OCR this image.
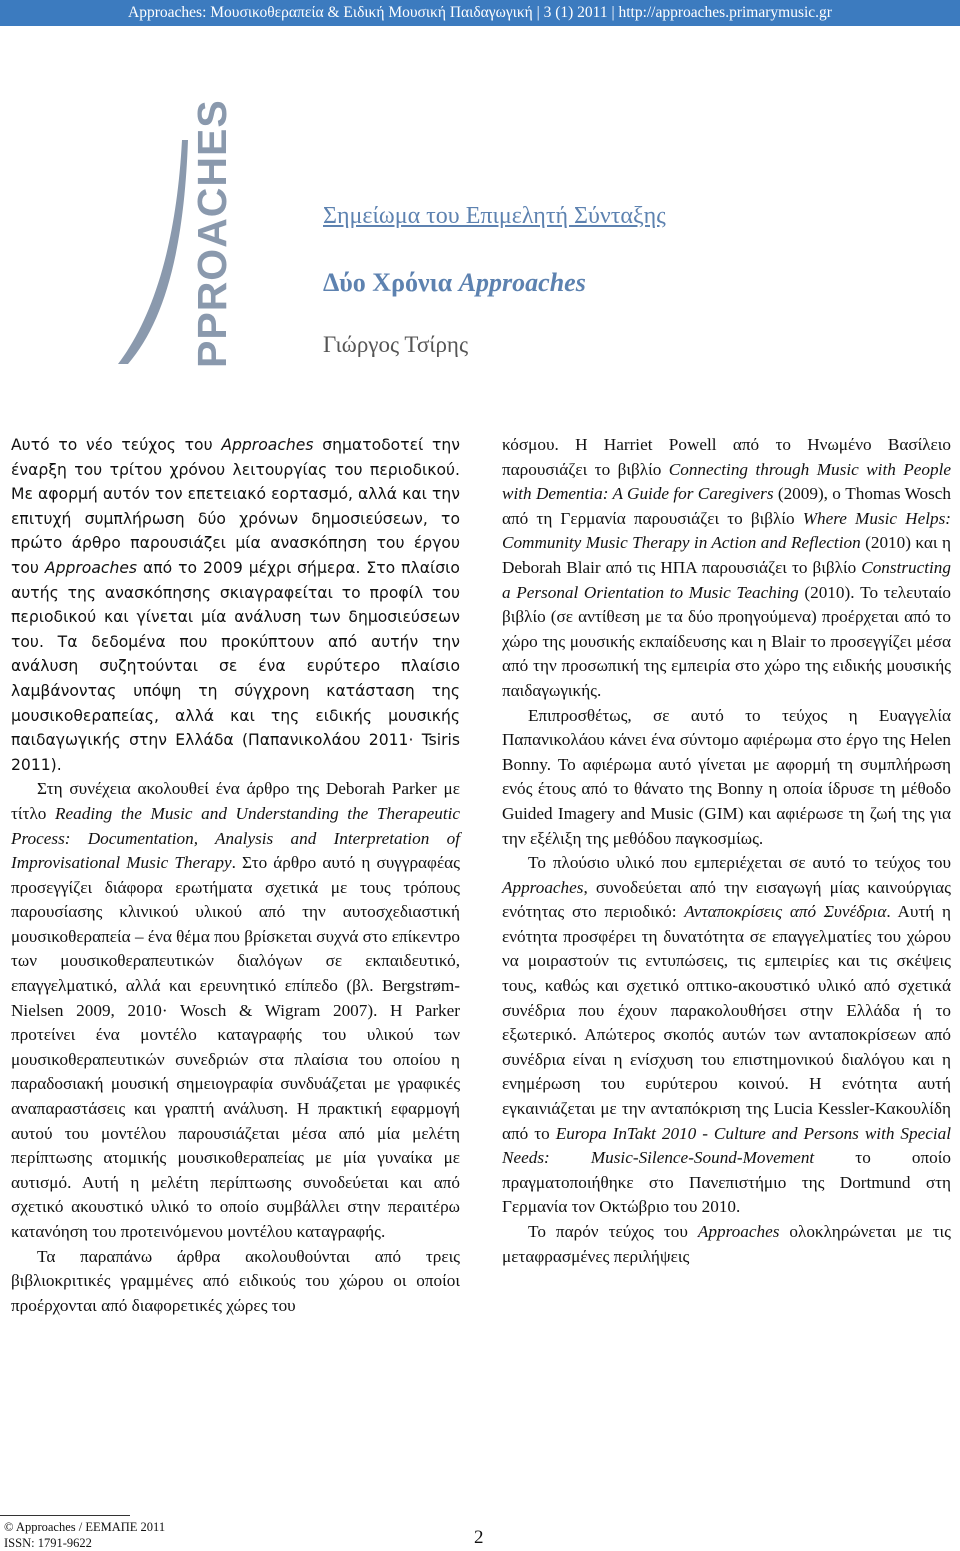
Approaches: Μουσικοθεραπεία & Ειδική Μουσική Παιδαγωγική | 3 (1) 2011 | http://approaches.primarymusic.gr
PPROACHES	Σημείωμα του Επιμελητή Σύνταξης
Δύο Χρόνια Approaches
Γιώργος Τσίρης

Αυτό το νέο τεύχος του Approaches σηματοδοτεί την έναρξη του τρίτου χρόνου λειτουργίας του περιοδικού. Με αφορμή αυτόν τον επετειακό εορτασμό, αλλά και την επιτυχή συμπλήρωση δύο χρόνων δημοσιεύσεων, το πρώτο άρθρο παρουσιάζει μία ανασκόπηση του έργου του Approaches από το 2009 μέχρι σήμερα. Στο πλαίσιο αυτής της ανασκόπησης σκιαγραφείται το προφίλ του περιοδικού και γίνεται μία ανάλυση των δημοσιεύσεων του. Τα δεδομένα που προκύπτουν από αυτήν την ανάλυση συζητούνται σε ένα ευρύτερο πλαίσιο λαμβάνοντας υπόψη τη σύγχρονη κατάσταση της μουσικοθεραπείας, αλλά και της ειδικής μουσικής παιδαγωγικής στην Ελλάδα (Παπανικολάου 2011· Tsiris 2011).

Στη συνέχεια ακολουθεί ένα άρθρο της Deborah Parker με τίτλο Reading the Music and Understanding the Therapeutic Process: Documentation, Analysis and Interpretation of Improvisational Music Therapy. Στο άρθρο αυτό η συγγραφέας προσεγγίζει διάφορα ερωτήματα σχετικά με τους τρόπους παρουσίασης κλινικού υλικού από την αυτοσχεδιαστική μουσικοθεραπεία – ένα θέμα που βρίσκεται συχνά στο επίκεντρο των μουσικοθεραπευτικών διαλόγων σε εκπαιδευτικό, επαγγελματικό, αλλά και ερευνητικό επίπεδο (βλ. Bergstrøm-Nielsen 2009, 2010· Wosch & Wigram 2007). Η Parker προτείνει ένα μοντέλο καταγραφής του υλικού των μουσικοθεραπευτικών συνεδριών στα πλαίσια του οποίου η παραδοσιακή μουσική σημειογραφία συνδυάζεται με γραφικές αναπαραστάσεις και γραπτή ανάλυση. Η πρακτική εφαρμογή αυτού του μοντέλου παρουσιάζεται μέσα από μία μελέτη περίπτωσης ατομικής μουσικοθεραπείας με μία γυναίκα με αυτισμό. Αυτή η μελέτη περίπτωσης συνοδεύεται και από σχετικό ακουστικό υλικό το οποίο συμβάλλει στην περαιτέρω κατανόηση του προτεινόμενου μοντέλου καταγραφής.

Τα παραπάνω άρθρα ακολουθούνται από τρεις βιβλιοκριτικές γραμμένες από ειδικούς του χώρου οι οποίοι προέρχονται από διαφορετικές χώρες του

κόσμου. Η Harriet Powell από το Ηνωμένο Βασίλειο παρουσιάζει το βιβλίο Connecting through Music with People with Dementia: A Guide for Caregivers (2009), ο Thomas Wosch από τη Γερμανία παρουσιάζει το βιβλίο Where Music Helps: Community Music Therapy in Action and Reflection (2010) και η Deborah Blair από τις ΗΠΑ παρουσιάζει το βιβλίο Constructing a Personal Orientation to Music Teaching (2010). Το τελευταίο βιβλίο (σε αντίθεση με τα δύο προηγούμενα) προέρχεται από το χώρο της μουσικής εκπαίδευσης και η Blair το προσεγγίζει μέσα από την προσωπική της εμπειρία στο χώρο της ειδικής μουσικής παιδαγωγικής.

Επιπροσθέτως, σε αυτό το τεύχος η Ευαγγελία Παπανικολάου κάνει ένα σύντομο αφιέρωμα στο έργο της Helen Bonny. Το αφιέρωμα αυτό γίνεται με αφορμή τη συμπλήρωση ενός έτους από το θάνατο της Bonny η οποία ίδρυσε τη μέθοδο Guided Imagery and Music (GIM) και αφιέρωσε τη ζωή της για την εξέλιξη της μεθόδου παγκοσμίως.

Το πλούσιο υλικό που εμπεριέχεται σε αυτό το τεύχος του Approaches, συνοδεύεται από την εισαγωγή μίας καινούργιας ενότητας στο περιοδικό: Ανταποκρίσεις από Συνέδρια. Αυτή η ενότητα προσφέρει τη δυνατότητα σε επαγγελματίες του χώρου να μοιραστούν τις εντυπώσεις, τις εμπειρίες και τις σκέψεις τους, καθώς και σχετικό οπτικο-ακουστικό υλικό από σχετικά συνέδρια που έχουν παρακολουθήσει στην Ελλάδα ή το εξωτερικό. Απώτερος σκοπός αυτών των ανταποκρίσεων από συνέδρια είναι η ενίσχυση του επιστημονικού διαλόγου και η ενημέρωση του ευρύτερου κοινού. Η ενότητα αυτή εγκαινιάζεται με την ανταπόκριση της Lucia Kessler-Κακουλίδη από το Europa InTakt 2010 - Culture and Persons with Special Needs: Music-Silence-Sound-Movement το οποίο πραγματοποιήθηκε στο Πανεπιστήμιο της Dortmund στη Γερμανία τον Οκτώβριο του 2010.

Το παρόν τεύχος του Approaches ολοκληρώνεται με τις μεταφρασμένες περιλήψεις

© Approaches / ΕΕΜΑΠΕ 2011
ISSN: 1791-9622	2
